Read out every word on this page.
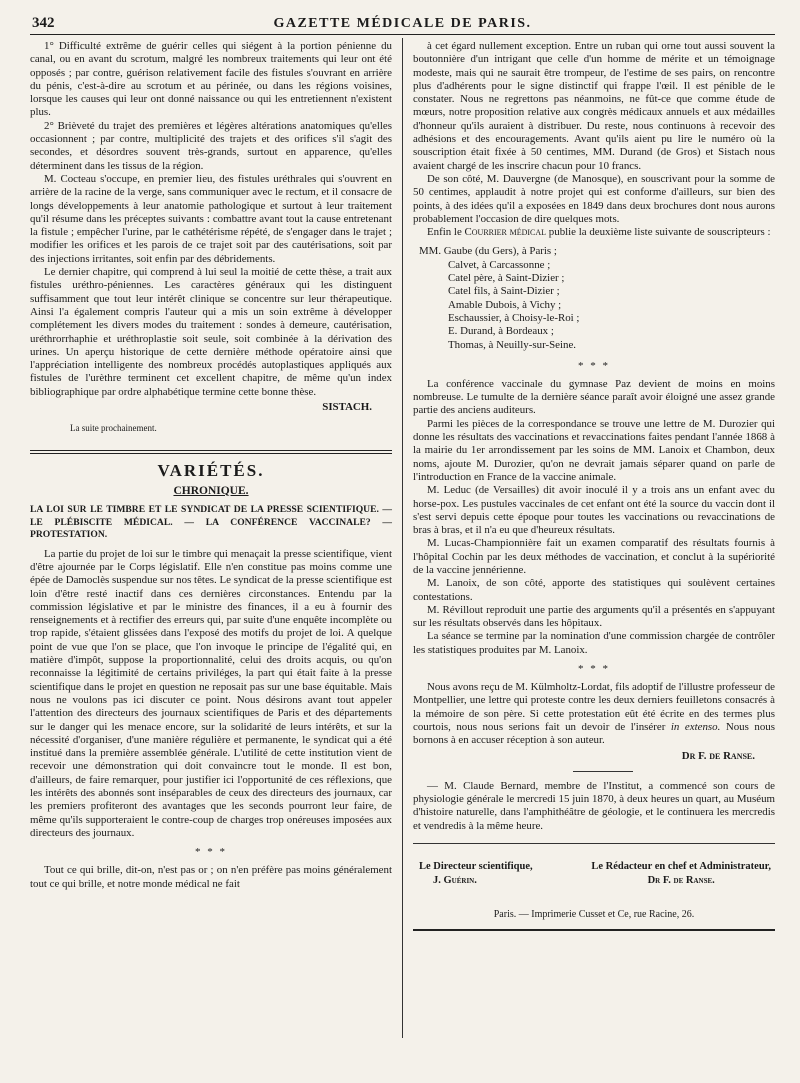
342	GAZETTE MÉDICALE DE PARIS.

1° Difficulté extrême de guérir celles qui siégent à la portion pénienne du canal, ou en avant du scrotum, malgré les nombreux traitements qui leur ont été opposés ; par contre, guérison relativement facile des fistules s'ouvrant en arrière du pénis, c'est-à-dire au scrotum et au périnée, ou dans les régions voisines, lorsque les causes qui leur ont donné naissance ou qui les entretiennent n'existent plus.

2° Brièveté du trajet des premières et légères altérations anatomiques qu'elles occasionnent ; par contre, multiplicité des trajets et des orifices s'il s'agit des secondes, et désordres souvent très-grands, surtout en apparence, qu'elles déterminent dans les tissus de la région.

M. Cocteau s'occupe, en premier lieu, des fistules uréthrales qui s'ouvrent en arrière de la racine de la verge, sans communiquer avec le rectum, et il consacre de longs développements à leur anatomie pathologique et surtout à leur traitement qu'il résume dans les préceptes suivants : combattre avant tout la cause entretenant la fistule ; empêcher l'urine, par le cathétérisme répété, de s'engager dans le trajet ; modifier les orifices et les parois de ce trajet soit par des cautérisations, soit par des injections irritantes, soit enfin par des débridements.

Le dernier chapitre, qui comprend à lui seul la moitié de cette thèse, a trait aux fistules uréthro-péniennes. Les caractères généraux qui les distinguent suffisamment que tout leur intérêt clinique se concentre sur leur thérapeutique. Ainsi l'a également compris l'auteur qui a mis un soin extrême à développer complétement les divers modes du traitement : sondes à demeure, cautérisation, uréthrorrhaphie et uréthroplastie soit seule, soit combinée à la dérivation des urines. Un aperçu historique de cette dernière méthode opératoire ainsi que l'appréciation intelligente des nombreux procédés autoplastiques appliqués aux fistules de l'urèthre terminent cet excellent chapitre, de même qu'un index bibliographique par ordre alphabétique termine cette bonne thèse.

SISTACH.
La suite prochainement.
VARIÉTÉS.
CHRONIQUE.
LA LOI SUR LE TIMBRE ET LE SYNDICAT DE LA PRESSE SCIENTIFIQUE. — LE PLÉBISCITE MÉDICAL. — LA CONFÉRENCE VACCINALE? — PROTESTATION.

La partie du projet de loi sur le timbre qui menaçait la presse scientifique, vient d'être ajournée par le Corps législatif. Elle n'en constitue pas moins comme une épée de Damoclès suspendue sur nos têtes. Le syndicat de la presse scientifique est loin d'être resté inactif dans ces dernières circonstances. Entendu par la commission législative et par le ministre des finances, il a eu à fournir des renseignements et à rectifier des erreurs qui, par suite d'une enquête incomplète ou trop rapide, s'étaient glissées dans l'exposé des motifs du projet de loi. A quelque point de vue que l'on se place, que l'on invoque le principe de l'égalité qui, en matière d'impôt, suppose la proportionnalité, celui des droits acquis, ou qu'on reconnaisse la légitimité de certains priviléges, la part qui était faite à la presse scientifique dans le projet en question ne reposait pas sur une base équitable. Mais nous ne voulons pas ici discuter ce point. Nous désirons avant tout appeler l'attention des directeurs des journaux scientifiques de Paris et des départements sur le danger qui les menace encore, sur la solidarité de leurs intérêts, et sur la nécessité d'organiser, d'une manière régulière et permanente, le syndicat qui a été institué dans la première assemblée générale. L'utilité de cette institution vient de recevoir une démonstration qui doit convaincre tout le monde. Il est bon, d'ailleurs, de faire remarquer, pour justifier ici l'opportunité de ces réflexions, que les intérêts des abonnés sont inséparables de ceux des directeurs des journaux, car les premiers profiteront des avantages que les seconds pourront leur faire, de même qu'ils supporteraient le contre-coup de charges trop onéreuses imposées aux directeurs des journaux.

* * *

Tout ce qui brille, dit-on, n'est pas or ; on n'en préfère pas moins généralement tout ce qui brille, et notre monde médical ne fait

à cet égard nullement exception. Entre un ruban qui orne tout aussi souvent la boutonnière d'un intrigant que celle d'un homme de mérite et un témoignage modeste, mais qui ne saurait être trompeur, de l'estime de ses pairs, on rencontre plus d'adhérents pour le signe distinctif qui frappe l'œil. Il est pénible de le constater. Nous ne regrettons pas néanmoins, ne fût-ce que comme étude de mœurs, notre proposition relative aux congrès médicaux annuels et aux médailles d'honneur qu'ils auraient à distribuer. Du reste, nous continuons à recevoir des adhésions et des encouragements. Avant qu'ils aient pu lire le numéro où la souscription était fixée à 50 centimes, MM. Durand (de Gros) et Sistach nous avaient chargé de les inscrire chacun pour 10 francs.

De son côté, M. Dauvergne (de Manosque), en souscrivant pour la somme de 50 centimes, applaudit à notre projet qui est conforme d'ailleurs, sur bien des points, à des idées qu'il a exposées en 1849 dans deux brochures dont nous aurons probablement l'occasion de dire quelques mots.

Enfin le Courrier médical publie la deuxième liste suivante de souscripteurs :

MM. Gaube (du Gers), à Paris ;
Calvet, à Carcassonne ;
Catel père, à Saint-Dizier ;
Catel fils, à Saint-Dizier ;
Amable Dubois, à Vichy ;
Eschaussier, à Choisy-le-Roi ;
E. Durand, à Bordeaux ;
Thomas, à Neuilly-sur-Seine.
* * *

La conférence vaccinale du gymnase Paz devient de moins en moins nombreuse. Le tumulte de la dernière séance paraît avoir éloigné une assez grande partie des anciens auditeurs.

Parmi les pièces de la correspondance se trouve une lettre de M. Durozier qui donne les résultats des vaccinations et revaccinations faites pendant l'année 1868 à la mairie du 1er arrondissement par les soins de MM. Lanoix et Chambon, deux noms, ajoute M. Durozier, qu'on ne devrait jamais séparer quand on parle de l'introduction en France de la vaccine animale.

M. Leduc (de Versailles) dit avoir inoculé il y a trois ans un enfant avec du horse-pox. Les pustules vaccinales de cet enfant ont été la source du vaccin dont il s'est servi depuis cette époque pour toutes les vaccinations ou revaccinations de bras à bras, et il n'a eu que d'heureux résultats.

M. Lucas-Championnière fait un examen comparatif des résultats fournis à l'hôpital Cochin par les deux méthodes de vaccination, et conclut à la supériorité de la vaccine jennérienne.

M. Lanoix, de son côté, apporte des statistiques qui soulèvent certaines contestations.

M. Révillout reproduit une partie des arguments qu'il a présentés en s'appuyant sur les résultats observés dans les hôpitaux.

La séance se termine par la nomination d'une commission chargée de contrôler les statistiques produites par M. Lanoix.

* * *

Nous avons reçu de M. Külmholtz-Lordat, fils adoptif de l'illustre professeur de Montpellier, une lettre qui proteste contre les deux derniers feuilletons consacrés à la mémoire de son père. Si cette protestation eût été écrite en des termes plus courtois, nous nous serions fait un devoir de l'insérer in extenso. Nous nous bornons à en accuser réception à son auteur.

Dr F. de Ranse.

— M. Claude Bernard, membre de l'Institut, a commencé son cours de physiologie générale le mercredi 15 juin 1870, à deux heures un quart, au Muséum d'histoire naturelle, dans l'amphithéâtre de géologie, et le continuera les mercredis et vendredis à la même heure.

Le Directeur scientifique,
J. Guérin.
Le Rédacteur en chef et Administrateur,
Dr F. de Ranse.
Paris. — Imprimerie Cusset et Ce, rue Racine, 26.
